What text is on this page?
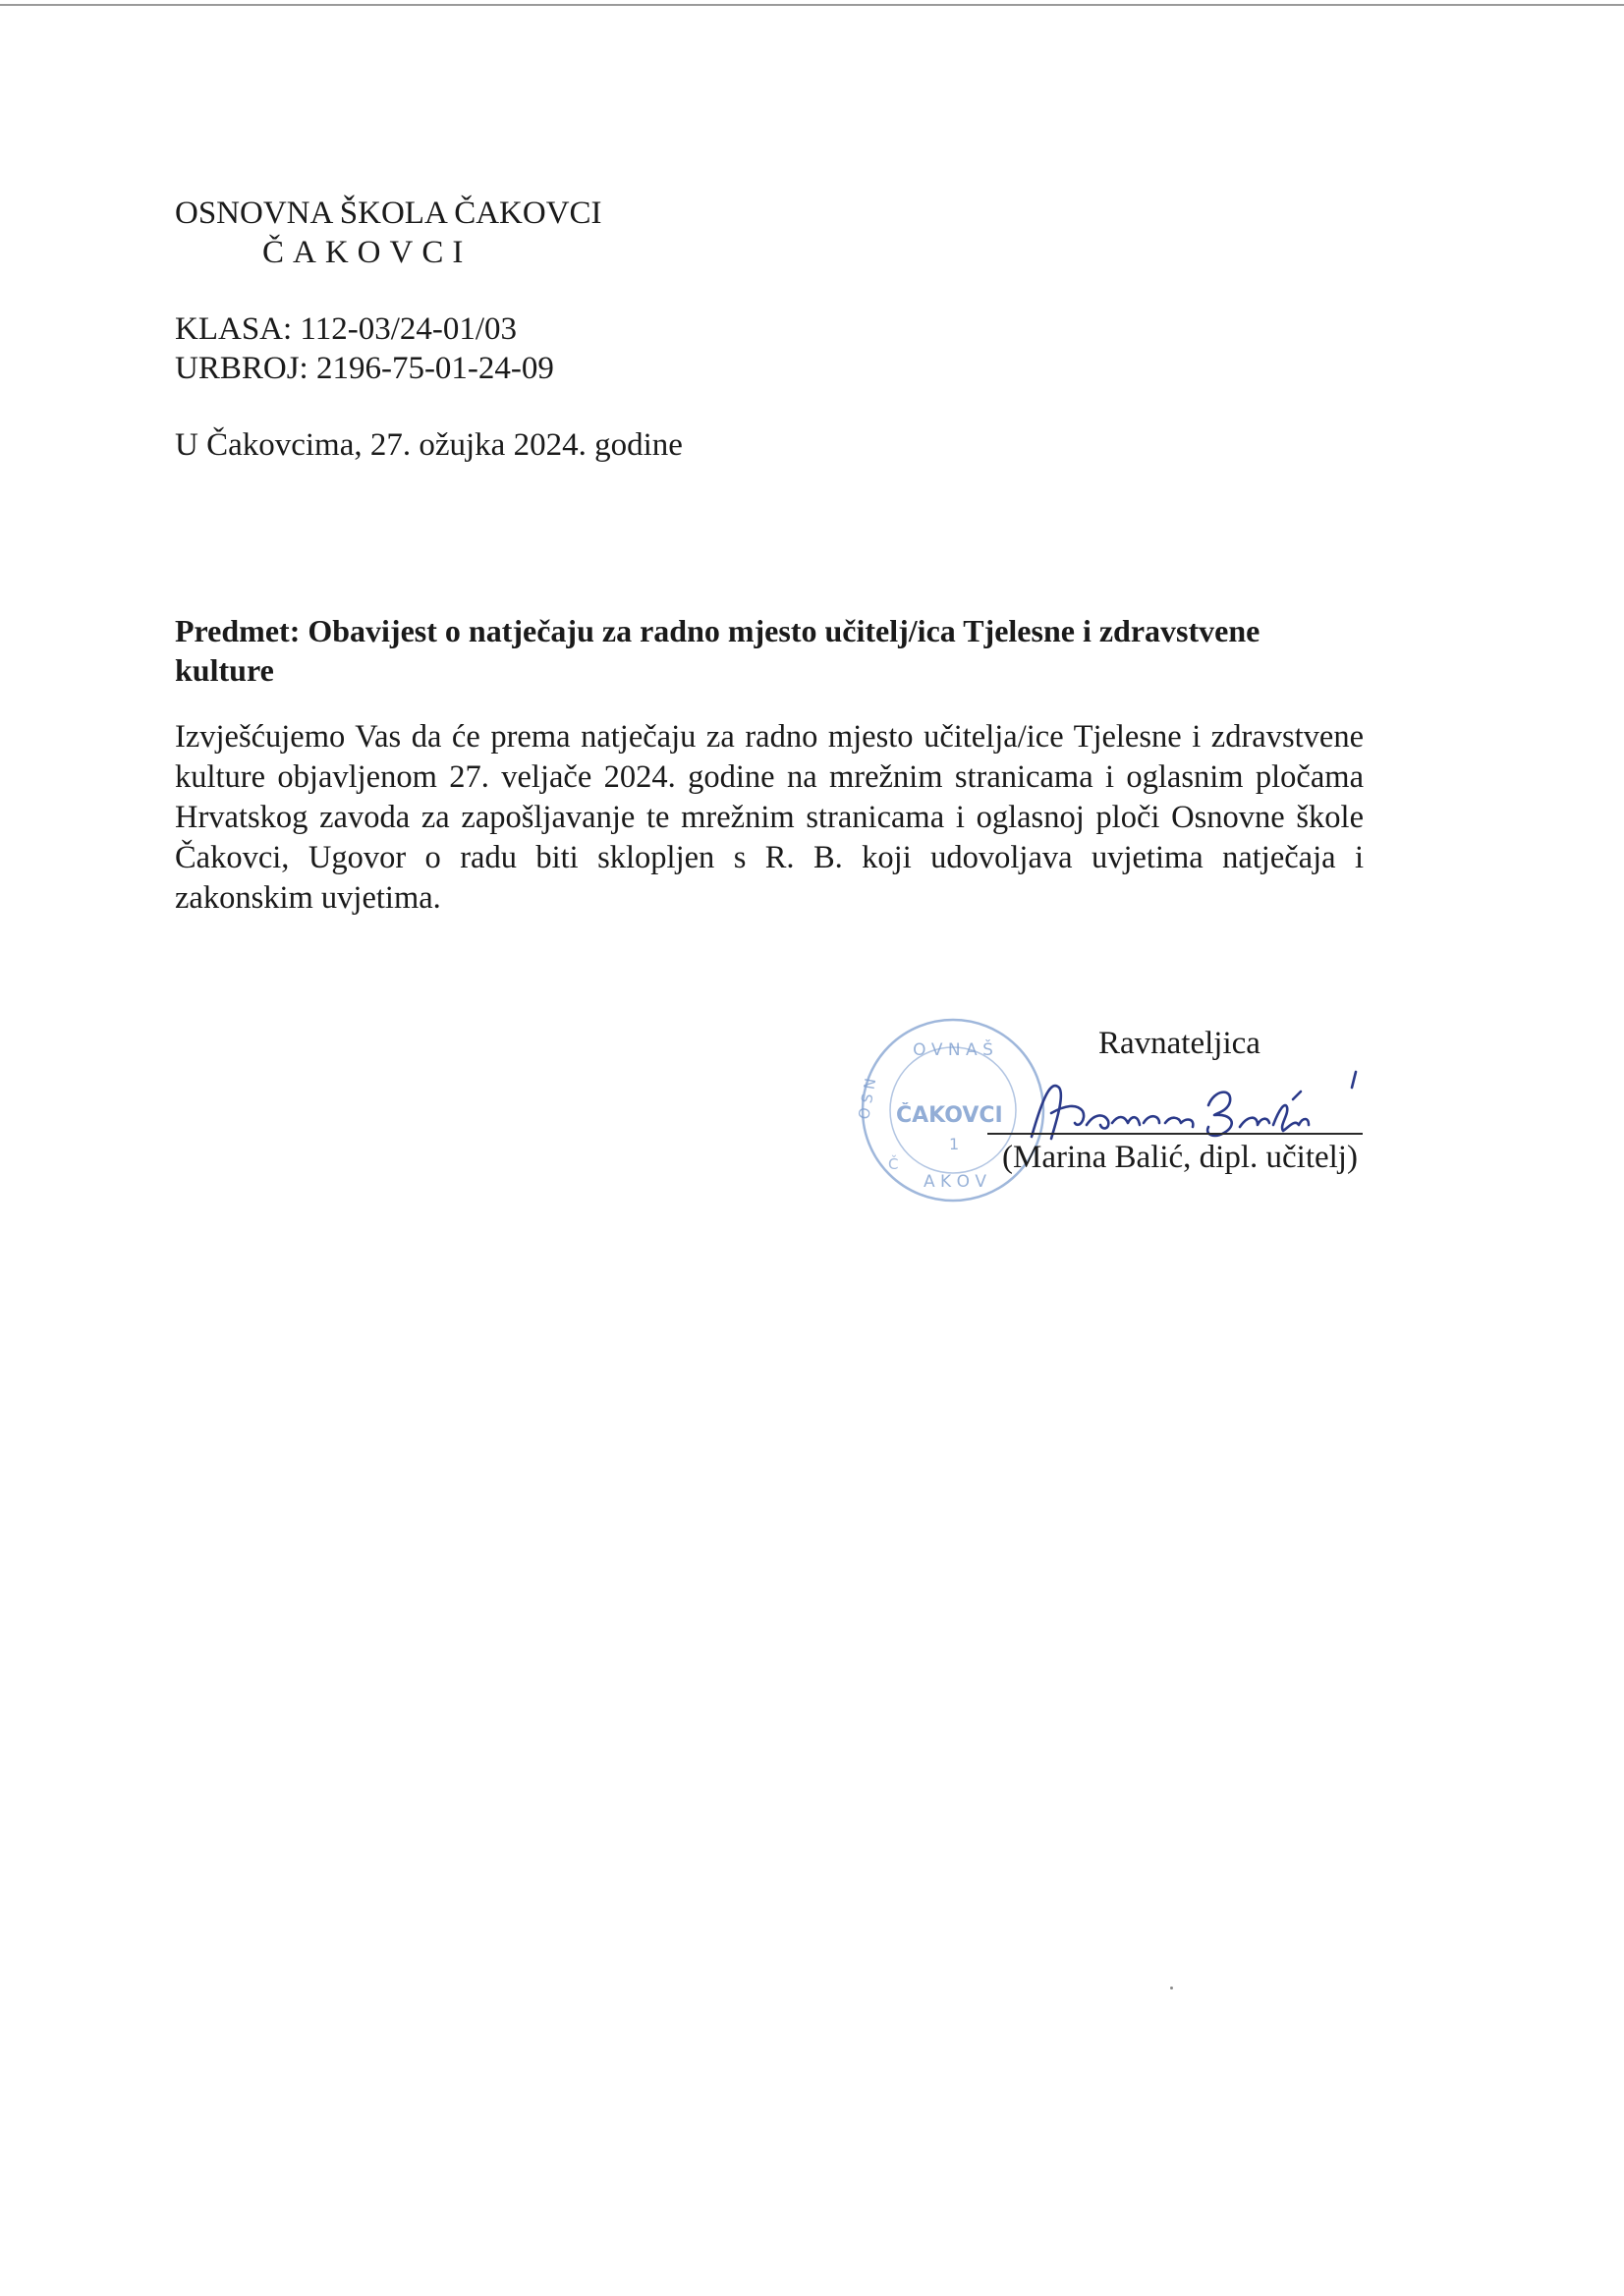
OSNOVNA ŠKOLA ČAKOVCI
ČAKOVCI
KLASA: 112-03/24-01/03
URBROJ: 2196-75-01-24-09
U Čakovcima, 27. ožujka 2024. godine
Predmet: Obavijest o natječaju za radno mjesto učitelj/ica Tjelesne i zdravstvene kulture
Izvješćujemo Vas da će prema natječaju za radno mjesto učitelja/ice Tjelesne i zdravstvene kulture objavljenom 27. veljače 2024. godine na mrežnim stranicama i oglasnim pločama Hrvatskog zavoda za zapošljavanje te mrežnim stranicama i oglasnoj ploči Osnovne škole Čakovci, Ugovor o radu biti sklopljen s R. B. koji udovoljava uvjetima natječaja i zakonskim uvjetima.
Ravnateljica
O V N A Š
O S N ČAKOVCI
1
A K O V
Č	(Marina Balić, dipl. učitelj)
